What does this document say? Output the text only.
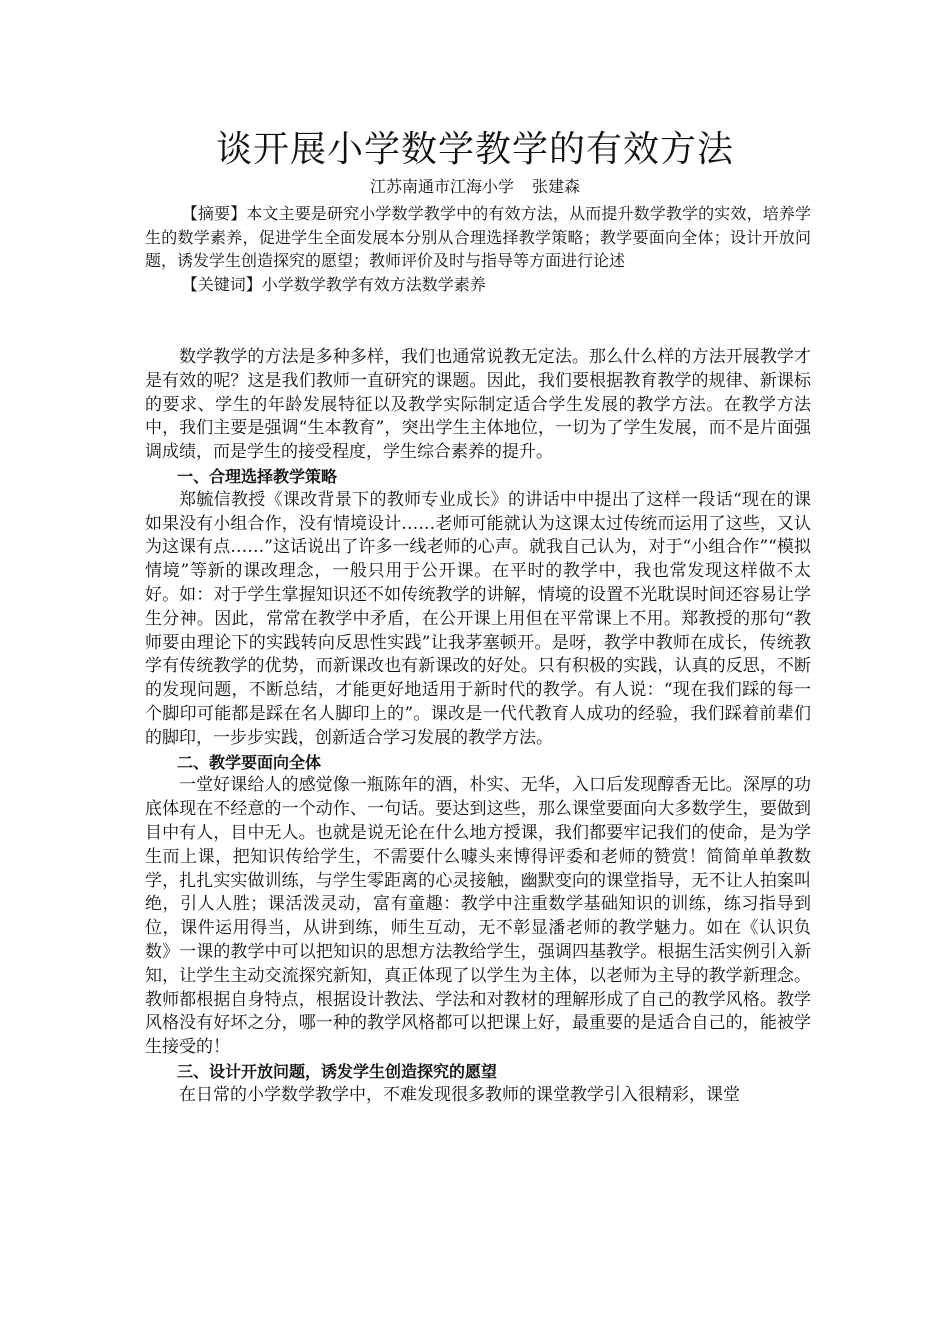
谈开展小学数学教学的有效方法
江苏南通市江海小学 张建森

【摘要】本文主要是研究小学数学教学中的有效方法，从而提升数学教学的实效，培养学生的数学素养，促进学生全面发展本分别从合理选择教学策略；教学要面向全体；设计开放问题，诱发学生创造探究的愿望；教师评价及时与指导等方面进行论述

【关键词】小学数学教学有效方法数学素养

数学教学的方法是多种多样，我们也通常说教无定法。那么什么样的方法开展教学才是有效的呢？这是我们教师一直研究的课题。因此，我们要根据教育教学的规律、新课标的要求、学生的年龄发展特征以及教学实际制定适合学生发展的教学方法。在教学方法中，我们主要是强调“生本教育”，突出学生主体地位，一切为了学生发展，而不是片面强调成绩，而是学生的接受程度，学生综合素养的提升。

一、合理选择教学策略

郑毓信教授《课改背景下的教师专业成长》的讲话中中提出了这样一段话“现在的课如果没有小组合作，没有情境设计……老师可能就认为这课太过传统而运用了这些，又认为这课有点……”这话说出了许多一线老师的心声。就我自己认为，对于“小组合作”“模拟情境”等新的课改理念，一般只用于公开课。在平时的教学中，我也常发现这样做不太好。如：对于学生掌握知识还不如传统教学的讲解，情境的设置不光耽误时间还容易让学生分神。因此，常常在教学中矛盾，在公开课上用但在平常课上不用。郑教授的那句“教师要由理论下的实践转向反思性实践”让我茅塞顿开。是呀，教学中教师在成长，传统教学有传统教学的优势，而新课改也有新课改的好处。只有积极的实践，认真的反思，不断的发现问题，不断总结，才能更好地适用于新时代的教学。有人说：“现在我们踩的每一个脚印可能都是踩在名人脚印上的”。课改是一代代教育人成功的经验，我们踩着前辈们的脚印，一步步实践，创新适合学习发展的教学方法。

二、教学要面向全体

一堂好课给人的感觉像一瓶陈年的酒，朴实、无华，入口后发现醇香无比。深厚的功底体现在不经意的一个动作、一句话。要达到这些，那么课堂要面向大多数学生，要做到目中有人，目中无人。也就是说无论在什么地方授课，我们都要牢记我们的使命，是为学生而上课，把知识传给学生，不需要什么噱头来博得评委和老师的赞赏！简简单单教数学，扎扎实实做训练，与学生零距离的心灵接触，幽默变向的课堂指导，无不让人拍案叫绝，引人人胜；课活泼灵动，富有童趣：教学中注重数学基础知识的训练，练习指导到位，课件运用得当，从讲到练，师生互动，无不彰显潘老师的教学魅力。如在《认识负数》一课的教学中可以把知识的思想方法教给学生，强调四基教学。根据生活实例引入新知，让学生主动交流探究新知，真正体现了以学生为主体，以老师为主导的教学新理念。教师都根据自身特点，根据设计教法、学法和对教材的理解形成了自己的教学风格。教学风格没有好坏之分，哪一种的教学风格都可以把课上好，最重要的是适合自己的，能被学生接受的！

三、设计开放问题，诱发学生创造探究的愿望

在日常的小学数学教学中，不难发现很多教师的课堂教学引入很精彩，课堂
